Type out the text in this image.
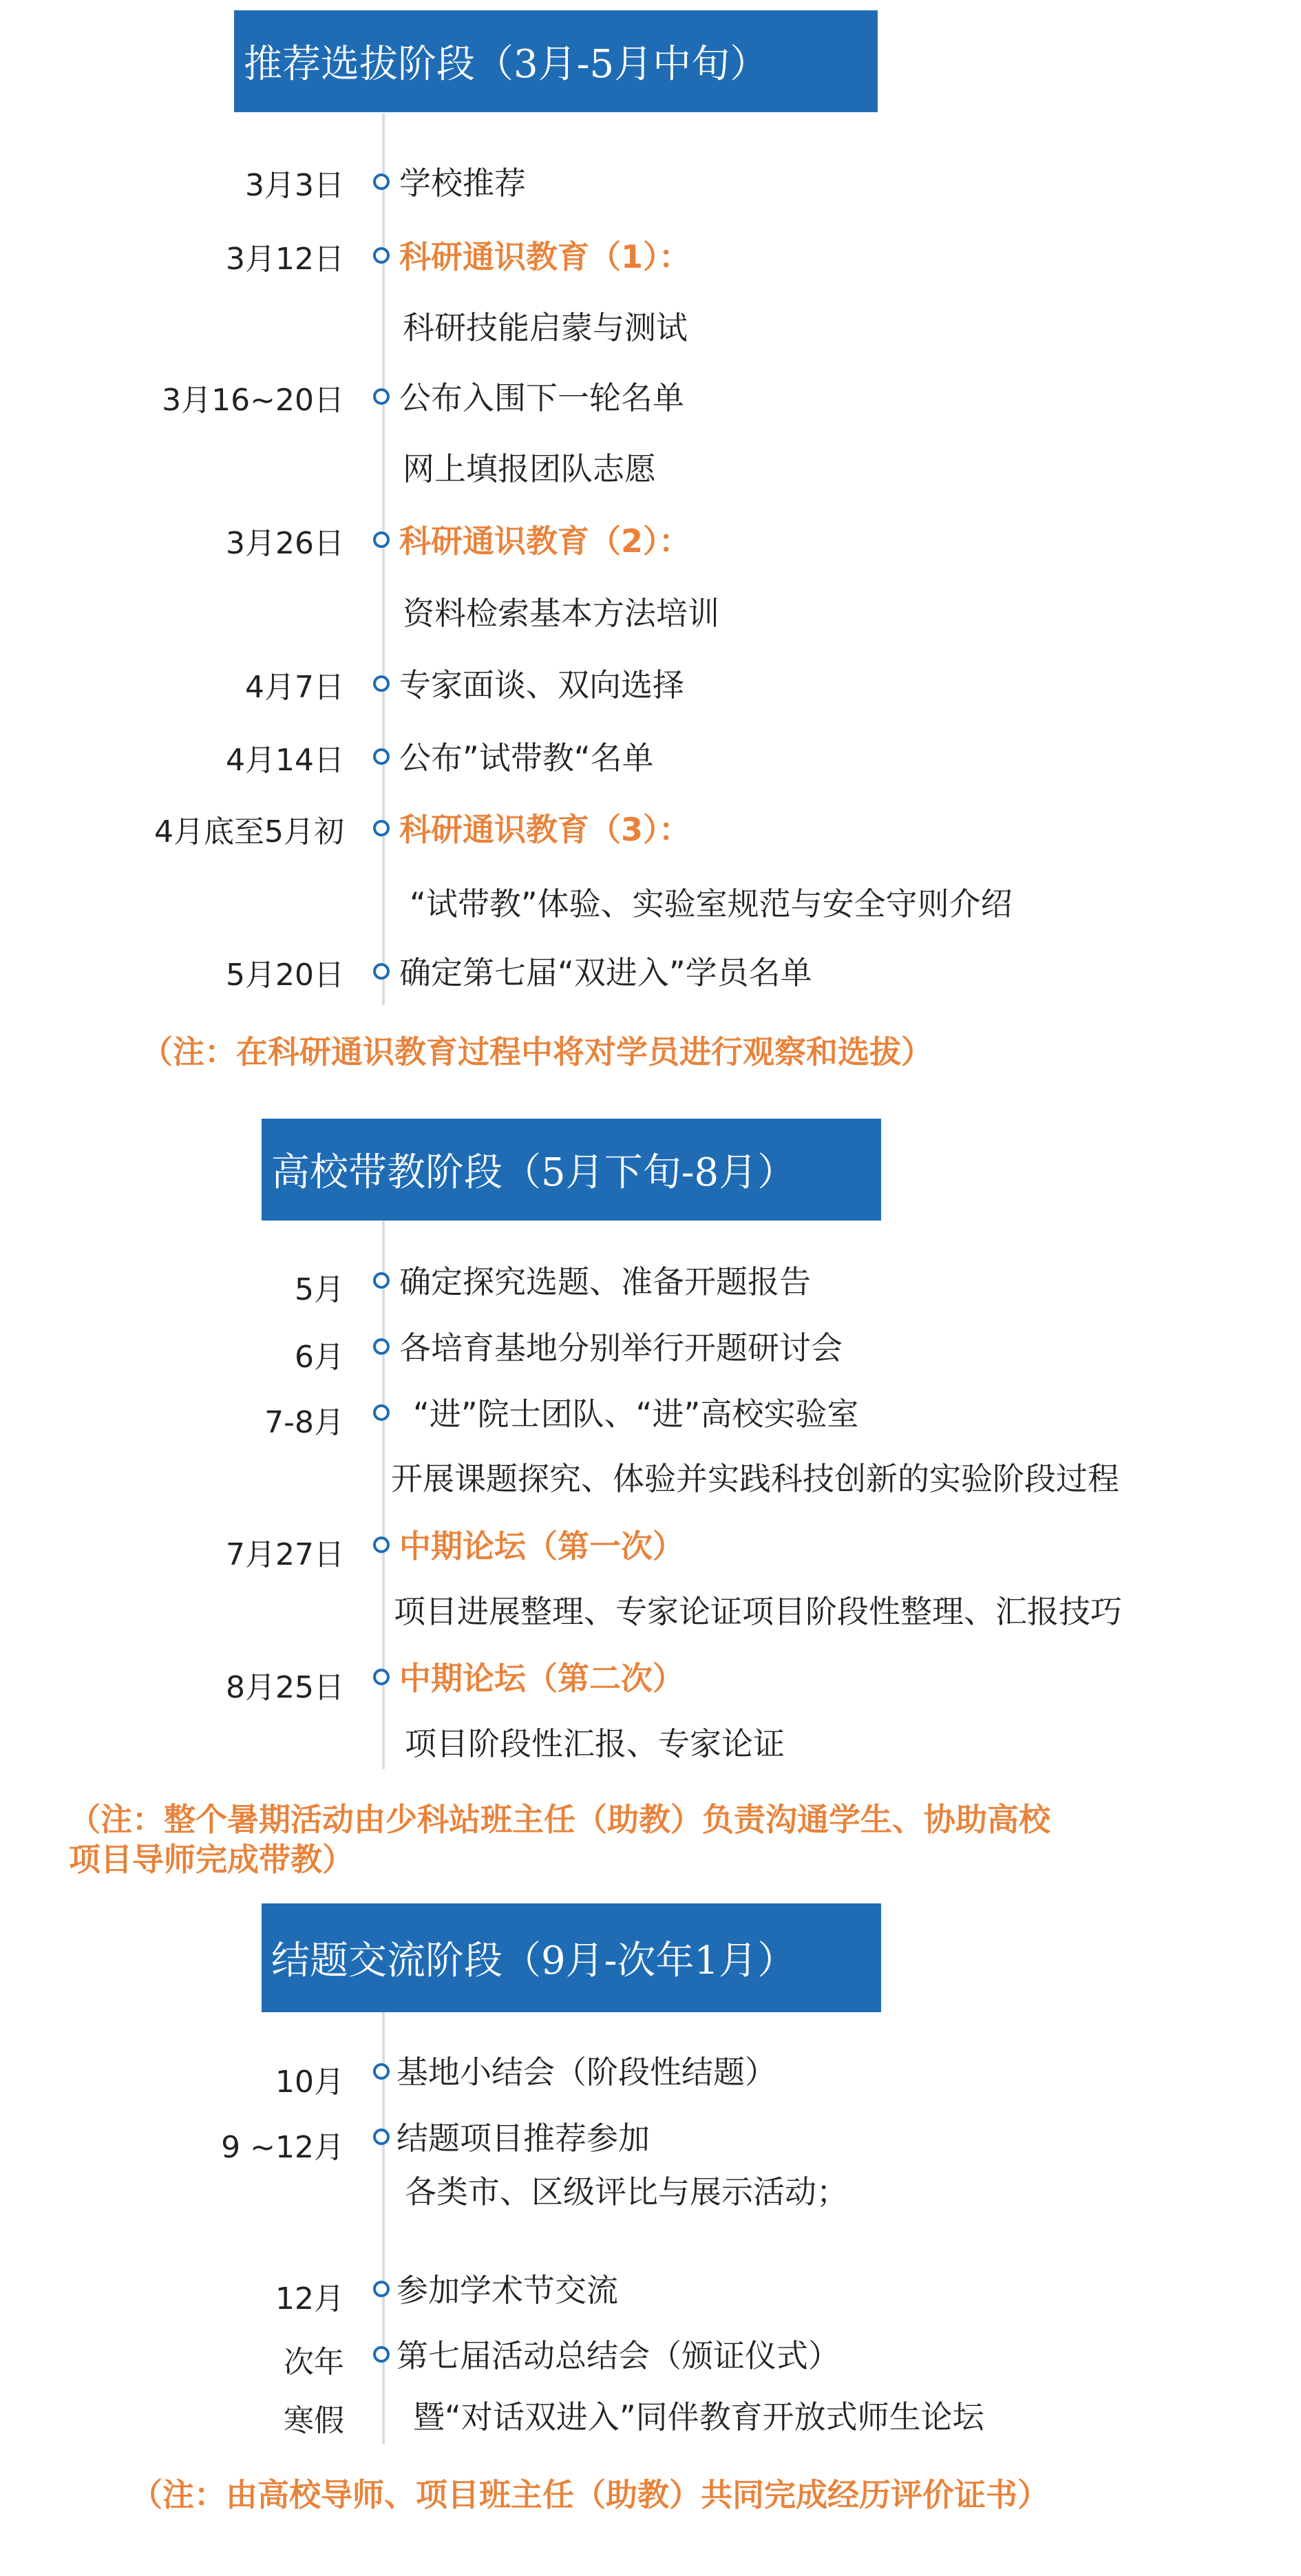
推荐选拔阶段（3月-5月中旬）
3月3日 学校推荐
3月12日 科研通识教育（1）：
科研技能启蒙与测试
3月16~20日 公布入围下一轮名单
网上填报团队志愿
3月26日 科研通识教育（2）：
资料检索基本方法培训
4月7日 专家面谈、双向选择
4月14日 公布”试带教“名单
4月底至5月初 科研通识教育（3）：
“试带教”体验、实验室规范与安全守则介绍
5月20日 确定第七届“双进入”学员名单
（注：在科研通识教育过程中将对学员进行观察和选拔）
高校带教阶段（5月下旬-8月）
5月 确定探究选题、准备开题报告
6月 各培育基地分别举行开题研讨会
7-8月 “进”院士团队、“进”高校实验室
开展课题探究、体验并实践科技创新的实验阶段过程
7月27日 中期论坛（第一次）
项目进展整理、专家论证项目阶段性整理、汇报技巧
8月25日 中期论坛（第二次）
项目阶段性汇报、专家论证
（注：整个暑期活动由少科站班主任（助教）负责沟通学生、协助高校
项目导师完成带教）
结题交流阶段（9月-次年1月）
10月 基地小结会（阶段性结题）
9 ~12月 结题项目推荐参加
各类市、区级评比与展示活动；
12月 参加学术节交流
次年
寒假
第七届活动总结会（颁证仪式）
暨“对话双进入”同伴教育开放式师生论坛
（注：由高校导师、项目班主任（助教）共同完成经历评价证书）
